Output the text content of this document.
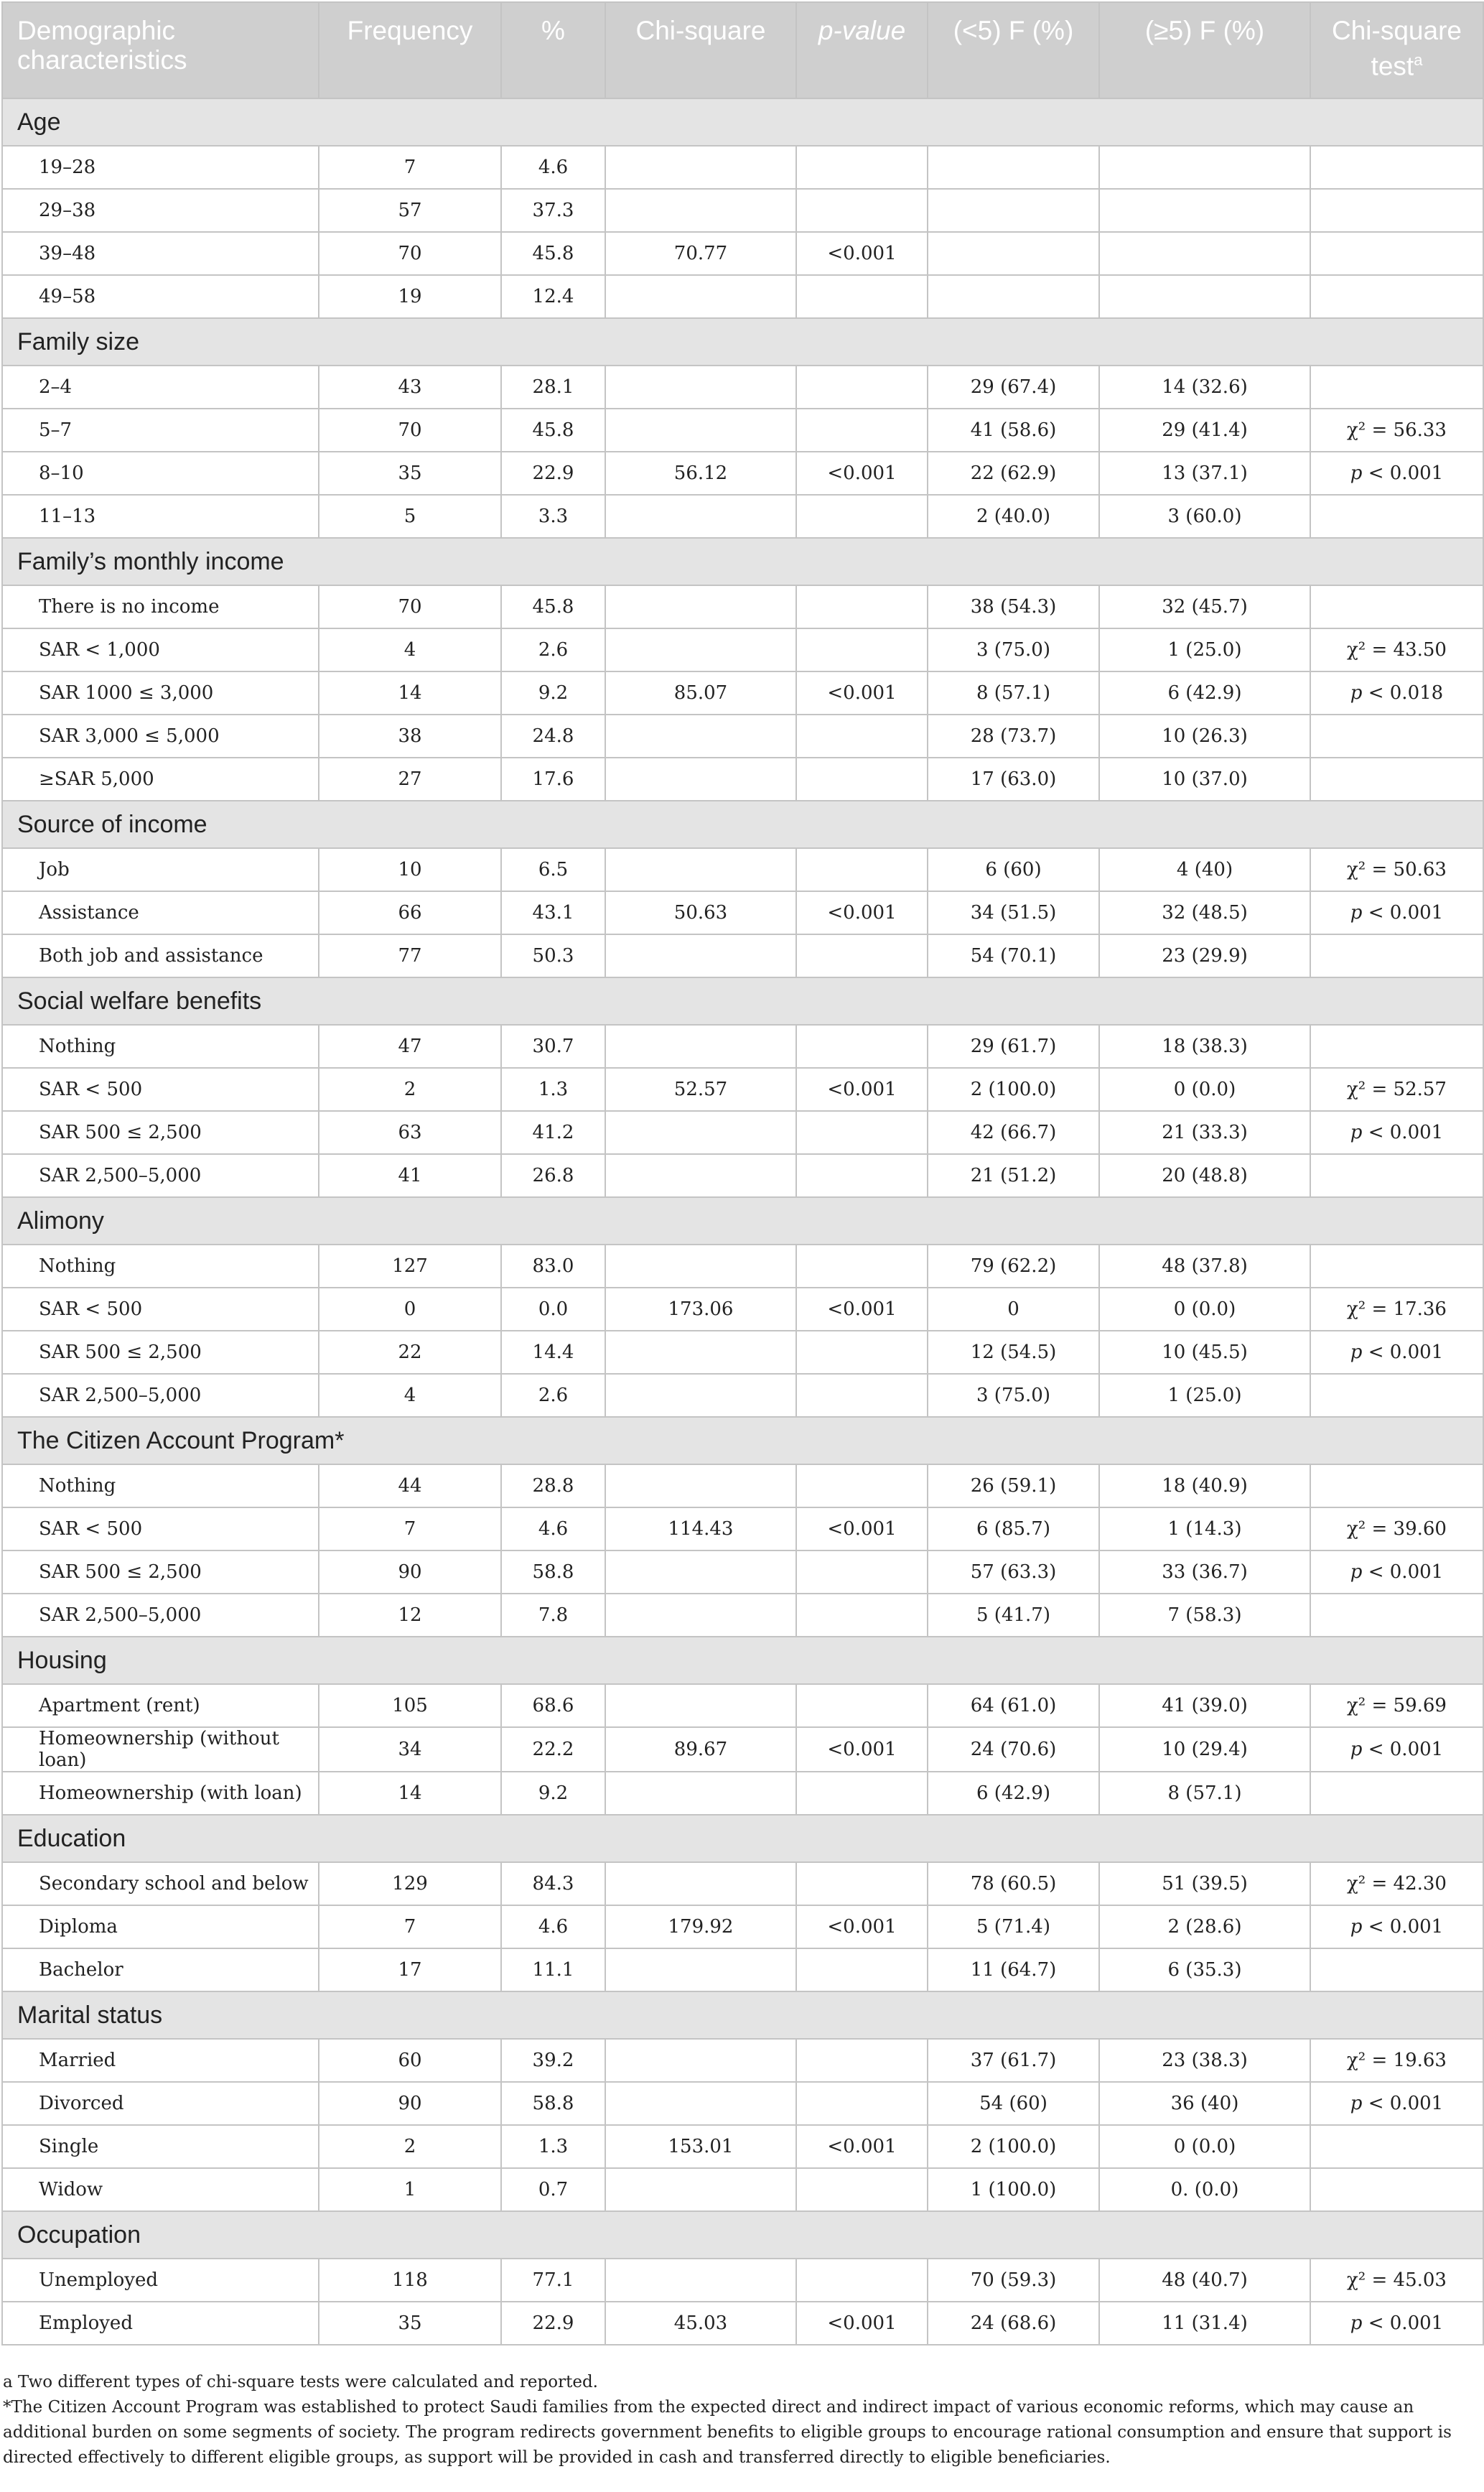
Demographic characteristics	Frequency	%	Chi-square	p-value	(<5) F (%)	(≥5) F (%)	Chi-square test$^a$
Age							
19–28	7	4.6					
29–38	57	37.3					
39–48	70	45.8	70.77	<0.001			
49–58	19	12.4					
Family size							
2–4	43	28.1			29 (67.4)	14 (32.6)	
5–7	70	45.8			41 (58.6)	29 (41.4)	χ² = 56.33
8–10	35	22.9	56.12	<0.001	22 (62.9)	13 (37.1)	p < 0.001
11–13	5	3.3			2 (40.0)	3 (60.0)	
Family’s monthly income							
There is no income	70	45.8			38 (54.3)	32 (45.7)	
SAR < 1,000	4	2.6			3 (75.0)	1 (25.0)	χ² = 43.50
SAR 1000 ≤ 3,000	14	9.2	85.07	<0.001	8 (57.1)	6 (42.9)	p < 0.018
SAR 3,000 ≤ 5,000	38	24.8			28 (73.7)	10 (26.3)	
≥SAR 5,000	27	17.6			17 (63.0)	10 (37.0)	
Source of income							
Job	10	6.5			6 (60)	4 (40)	χ² = 50.63
Assistance	66	43.1	50.63	<0.001	34 (51.5)	32 (48.5)	p < 0.001
Both job and assistance	77	50.3			54 (70.1)	23 (29.9)	
Social welfare benefits							
Nothing	47	30.7			29 (61.7)	18 (38.3)	
SAR < 500	2	1.3	52.57	<0.001	2 (100.0)	0 (0.0)	χ² = 52.57
SAR 500 ≤ 2,500	63	41.2			42 (66.7)	21 (33.3)	p < 0.001
SAR 2,500–5,000	41	26.8			21 (51.2)	20 (48.8)	
Alimony							
Nothing	127	83.0			79 (62.2)	48 (37.8)	
SAR < 500	0	0.0	173.06	<0.001	0	0 (0.0)	χ² = 17.36
SAR 500 ≤ 2,500	22	14.4			12 (54.5)	10 (45.5)	p < 0.001
SAR 2,500–5,000	4	2.6			3 (75.0)	1 (25.0)	
The Citizen Account Program*							
Nothing	44	28.8			26 (59.1)	18 (40.9)	
SAR < 500	7	4.6	114.43	<0.001	6 (85.7)	1 (14.3)	χ² = 39.60
SAR 500 ≤ 2,500	90	58.8			57 (63.3)	33 (36.7)	p < 0.001
SAR 2,500–5,000	12	7.8			5 (41.7)	7 (58.3)	
Housing							
Apartment (rent)	105	68.6			64 (61.0)	41 (39.0)	χ² = 59.69
Homeownership (without loan)	34	22.2	89.67	<0.001	24 (70.6)	10 (29.4)	p < 0.001
Homeownership (with loan)	14	9.2			6 (42.9)	8 (57.1)	
Education							
Secondary school and below	129	84.3			78 (60.5)	51 (39.5)	χ² = 42.30
Diploma	7	4.6	179.92	<0.001	5 (71.4)	2 (28.6)	p < 0.001
Bachelor	17	11.1			11 (64.7)	6 (35.3)	
Marital status							
Married	60	39.2			37 (61.7)	23 (38.3)	χ² = 19.63
Divorced	90	58.8			54 (60)	36 (40)	p < 0.001
Single	2	1.3	153.01	<0.001	2 (100.0)	0 (0.0)	
Widow	1	0.7			1 (100.0)	0. (0.0)	
Occupation							
Unemployed	118	77.1			70 (59.3)	48 (40.7)	χ² = 45.03
Employed	35	22.9	45.03	<0.001	24 (68.6)	11 (31.4)	p < 0.001

a Two different types of chi-square tests were calculated and reported.

*The Citizen Account Program was established to protect Saudi families from the expected direct and indirect impact of various economic reforms, which may cause an additional burden on some segments of society. The program redirects government benefits to eligible groups to encourage rational consumption and ensure that support is directed effectively to different eligible groups, as support will be provided in cash and transferred directly to eligible beneficiaries.
